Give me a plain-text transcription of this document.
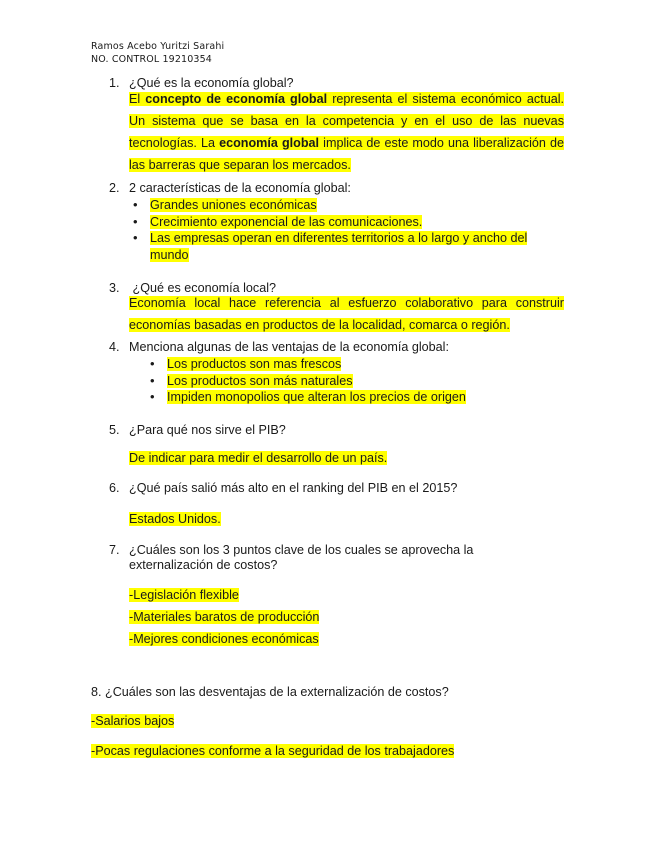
Ramos Acebo Yuritzi Sarahi
NO. CONTROL 19210354
1. ¿Qué es la economía global?
El concepto de economía global representa el sistema económico actual.
Un sistema que se basa en la competencia y en el uso de las nuevas
tecnologías. La economía global implica de este modo una liberalización de
las barreras que separan los mercados.
2. 2 características de la economía global:
• Grandes uniones económicas
• Crecimiento exponencial de las comunicaciones.
• Las empresas operan en diferentes territorios a lo largo y ancho del
mundo
3. ¿Qué es economía local?
Economía local hace referencia al esfuerzo colaborativo para construir
economías basadas en productos de la localidad, comarca o región.
4. Menciona algunas de las ventajas de la economía global:
• Los productos son mas frescos
• Los productos son más naturales
• Impiden monopolios que alteran los precios de origen
5. ¿Para qué nos sirve el PIB?
De indicar para medir el desarrollo de un país.
6. ¿Qué país salió más alto en el ranking del PIB en el 2015?
Estados Unidos.
7. ¿Cuáles son los 3 puntos clave de los cuales se aprovecha la
externalización de costos?
-Legislación flexible
-Materiales baratos de producción
-Mejores condiciones económicas
8. ¿Cuáles son las desventajas de la externalización de costos?
-Salarios bajos
-Pocas regulaciones conforme a la seguridad de los trabajadores
